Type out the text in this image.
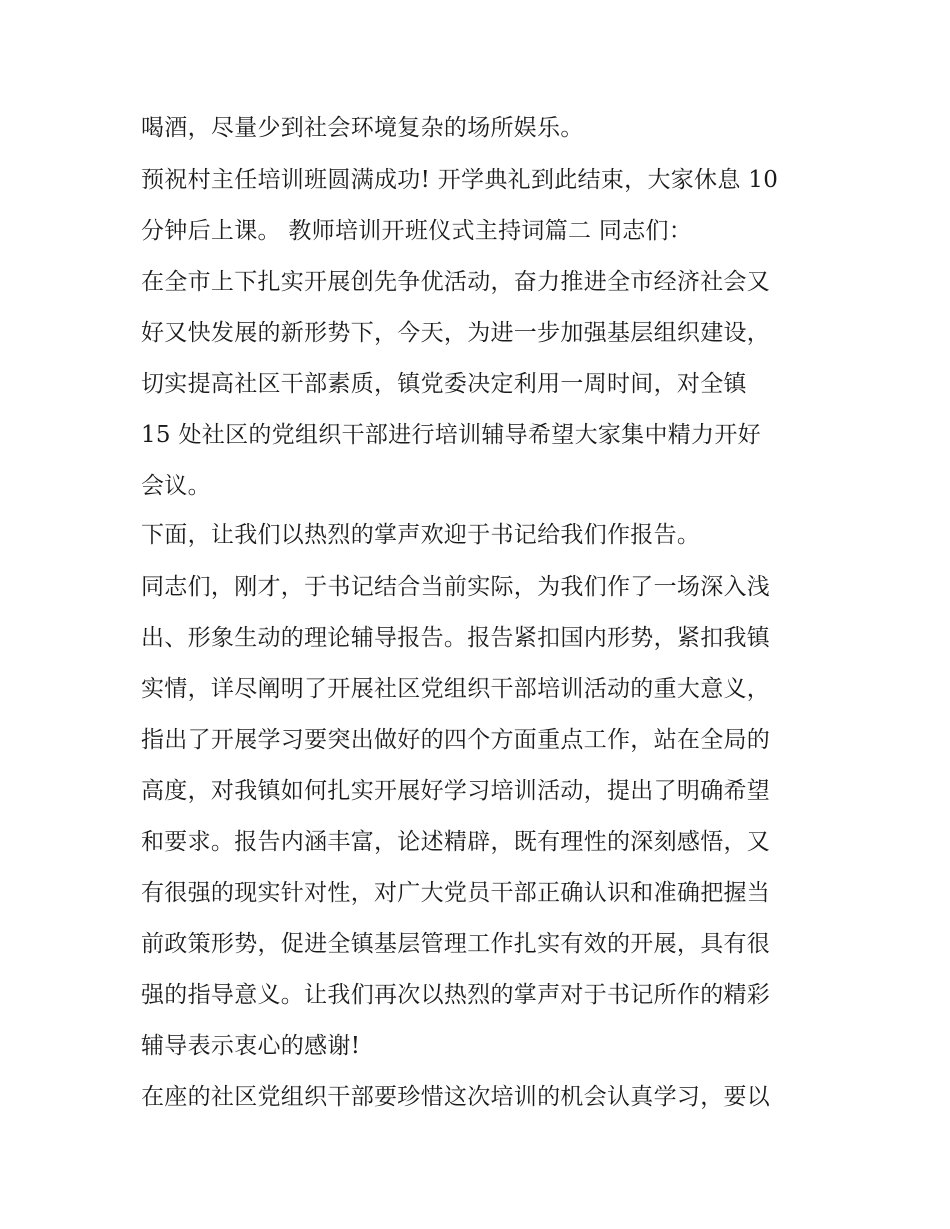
喝酒，尽量少到社会环境复杂的场所娱乐。
预祝村主任培训班圆满成功! 开学典礼到此结束，大家休息 10
分钟后上课。 教师培训开班仪式主持词篇二 同志们：
在全市上下扎实开展创先争优活动，奋力推进全市经济社会又
好又快发展的新形势下，今天，为进一步加强基层组织建设，
切实提高社区干部素质，镇党委决定利用一周时间，对全镇
15 处社区的党组织干部进行培训辅导希望大家集中精力开好
会议。
下面，让我们以热烈的掌声欢迎于书记给我们作报告。
同志们，刚才，于书记结合当前实际，为我们作了一场深入浅
出、形象生动的理论辅导报告。报告紧扣国内形势，紧扣我镇
实情，详尽阐明了开展社区党组织干部培训活动的重大意义，
指出了开展学习要突出做好的四个方面重点工作，站在全局的
高度，对我镇如何扎实开展好学习培训活动，提出了明确希望
和要求。报告内涵丰富，论述精辟，既有理性的深刻感悟，又
有很强的现实针对性，对广大党员干部正确认识和准确把握当
前政策形势，促进全镇基层管理工作扎实有效的开展，具有很
强的指导意义。让我们再次以热烈的掌声对于书记所作的精彩
辅导表示衷心的感谢!
在座的社区党组织干部要珍惜这次培训的机会认真学习，要以
